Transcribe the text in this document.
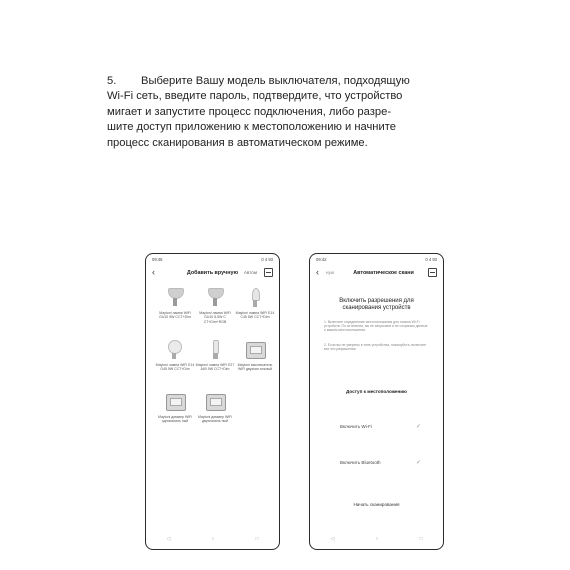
5. Выберите Вашу модель выключателя, подходящую
Wi-Fi сеть, введите пароль, подтвердите, что устройство
мигает и запустите процесс подключения, либо разре-
шите доступ приложению к местоположению и начните
процесс сканирования в автоматическом режиме.
09:46	0 4 93
‹	Добавить вручную	Автом
Maytoni лампа WiFi GU10 5W CCT+Dim
Maytoni лампа WiFi GU10 5.5W C CT+Dim+RGB
Maytoni лампа WiFi E14 C45 5W CCT+Dim
Maytoni лампа WiFi E14 G45 5W CCT+Dim
Maytoni лампа WiFi E27 A60 9W CCT+Dim
Maytoni выключатель WiFi двухкан альный
Maytoni диммер WiFi одноканаль ный
Maytoni диммер WiFi двухканаль ный
◁	○	□
09:42	0 4 93
‹ ную	Автоматическое скани
Включить разрешения для сканирования устройств
1. Включите определение местоположения для поиска Wi-Fi устройств. По истечении, вы не запускаем и не сохраним данные о вашем местоположении.
2. Если вы не уверены в типе устройства, пожалуйста, включите все эти разрешения
Доступ к местоположению
Включить Wi-Fi	✓
Включить Bluetooth	✓
Начать сканирования
◁	○	□
